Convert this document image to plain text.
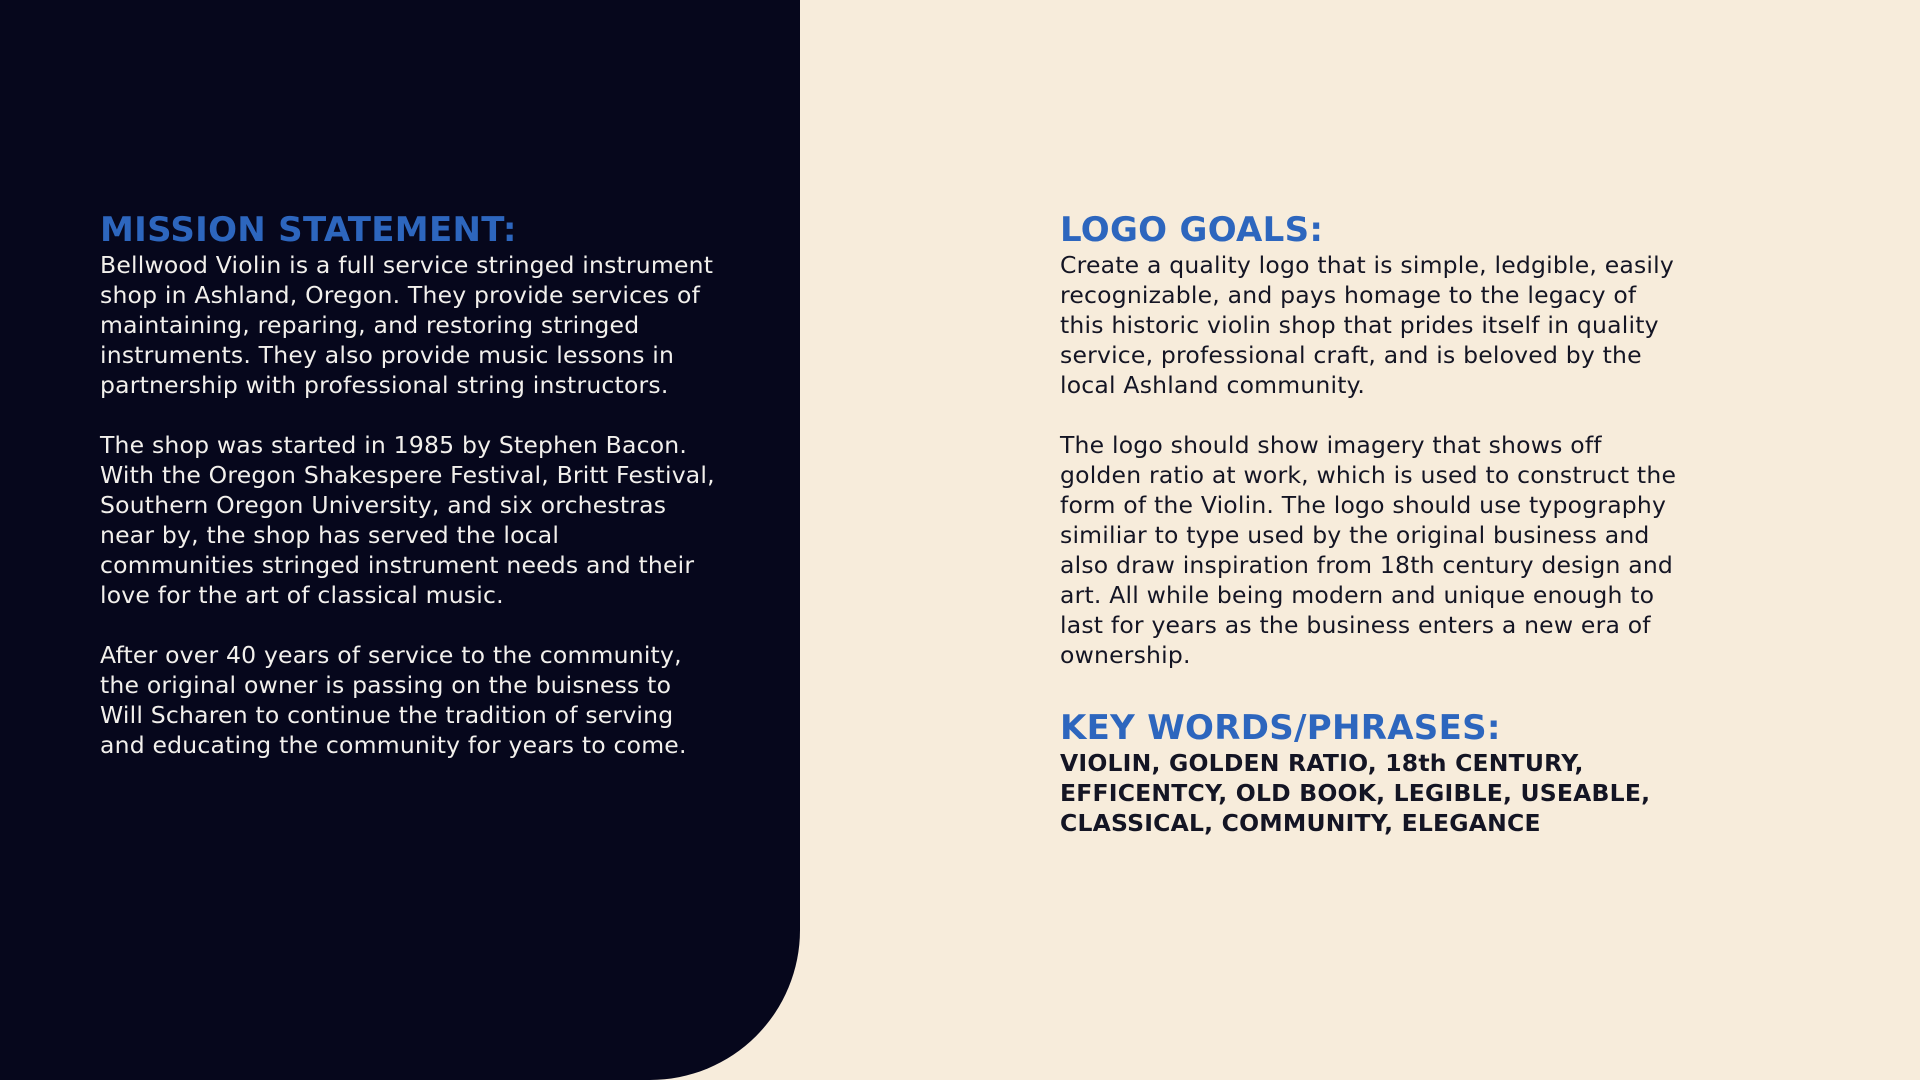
MISSION STATEMENT:

Bellwood Violin is a full service stringed instrument shop in Ashland, Oregon. They provide services of maintaining, reparing, and restoring stringed instruments. They also provide music lessons in partnership with professional string instructors.

The shop was started in 1985 by Stephen Bacon. With the Oregon Shakespere Festival, Britt Festival, Southern Oregon University, and six orchestras near by, the shop has served the local communities stringed instrument needs and their love for the art of classical music.

After over 40 years of service to the community, the original owner is passing on the buisness to Will Scharen to continue the tradition of serving and educating the community for years to come.

LOGO GOALS:

Create a quality logo that is simple, ledgible, easily recognizable, and pays homage to the legacy of this historic violin shop that prides itself in quality service, professional craft, and is beloved by the local Ashland community.

The logo should show imagery that shows off golden ratio at work, which is used to construct the form of the Violin. The logo should use typography similiar to type used by the original business and also draw inspiration from 18th century design and art. All while being modern and unique enough to last for years as the business enters a new era of ownership.

KEY WORDS/PHRASES:

VIOLIN, GOLDEN RATIO, 18th CENTURY, EFFICENTCY, OLD BOOK, LEGIBLE, USEABLE, CLASSICAL, COMMUNITY, ELEGANCE
